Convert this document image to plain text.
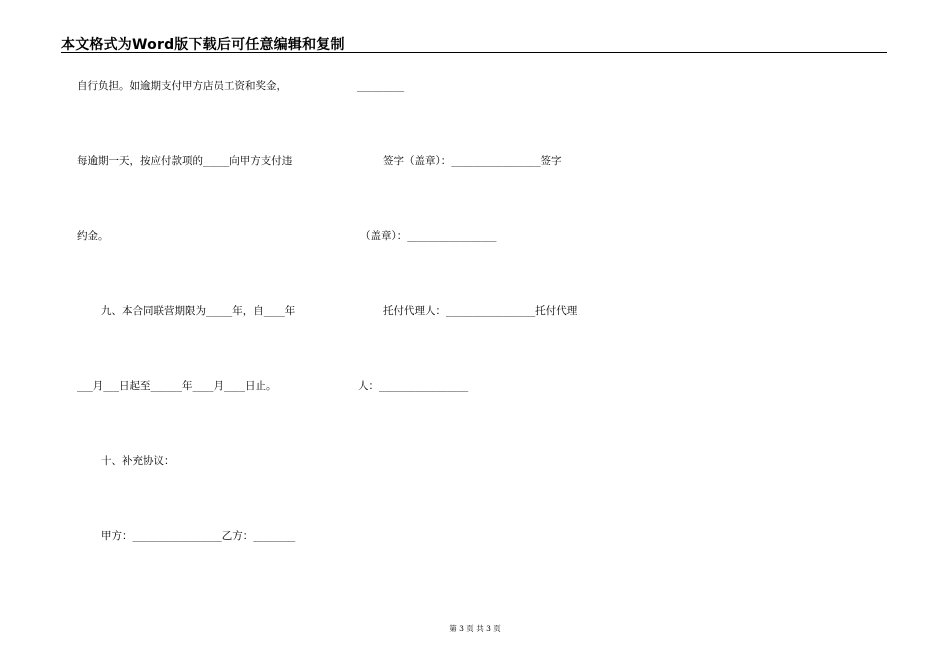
本文格式为Word版下载后可任意编辑和复制
自行负担。如逾期支付甲方店员工资和奖金，
每逾期一天，按应付款项的_____向甲方支付违
约金。
九、本合同联营期限为_____年，自____年
___月___日起至______年____月____日止。
十、补充协议：
甲方：_________________乙方：________
_________
签字（盖章）：_________________签字
（盖章）：_________________
托付代理人：_________________托付代理
人：_________________
第 3 页 共 3 页
